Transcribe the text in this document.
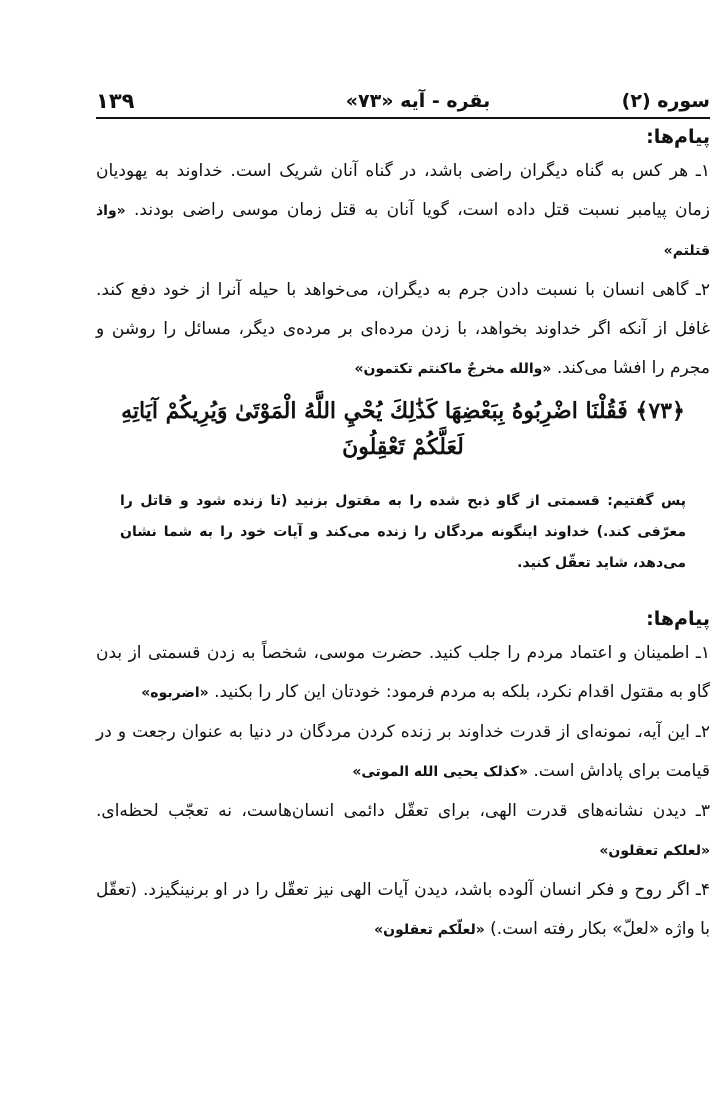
سوره (۲)
بقره - آیه «۷۳»
۱۳۹
پیام‌ها:

۱ـ هر کس به گناه دیگران راضی باشد، در گناه آنان شریک است. خداوند به یهودیان زمان پیامبر نسبت قتل داده است، گویا آنان به قتل زمان موسی راضی بودند. «واذ قتلتم»

۲ـ گاهی انسان با نسبت دادن جرم به دیگران، می‌خواهد با حیله آنرا از خود دفع کند. غافل از آنکه اگر خداوند بخواهد، با زدن مرده‌ای بر مرده‌ی دیگر، مسائل را روشن و مجرم را افشا می‌کند. «والله مخرجٌ ماکنتم تکتمون»

﴿۷۳﴾ فَقُلْنَا اضْرِبُوهُ بِبَعْضِهَا كَذَٰلِكَ يُحْيِ اللَّهُ الْمَوْتَىٰ وَيُرِيكُمْ آيَاتِهِ
لَعَلَّكُمْ تَعْقِلُونَ
پس گفتیم: قسمتی از گاو ذبح شده را به مقتول بزنید (تا زنده شود و قاتل را معرّفی کند.) خداوند اینگونه مردگان را زنده می‌کند و آیات خود را به شما نشان می‌دهد، شاید تعقّل کنید.
پیام‌ها:

۱ـ اطمینان و اعتماد مردم را جلب کنید. حضرت موسی، شخصاً به زدن قسمتی از بدن گاو به مقتول اقدام نکرد، بلکه به مردم فرمود: خودتان این کار را بکنید. «اضربوه»

۲ـ این آیه، نمونه‌ای از قدرت خداوند بر زنده کردن مردگان در دنیا به عنوان رجعت و در قیامت برای پاداش است. «کذلک یحیی الله الموتی»

۳ـ دیدن نشانه‌های قدرت الهی، برای تعقّل دائمی انسان‌هاست، نه تعجّب لحظه‌ای. «لعلکم تعقلون»

۴ـ اگر روح و فکر انسان آلوده باشد، دیدن آیات الهی نیز تعقّل را در او برنینگیزد. (تعقّل با واژه «لعلّ» بکار رفته است.) «لعلّکم تعقلون»
